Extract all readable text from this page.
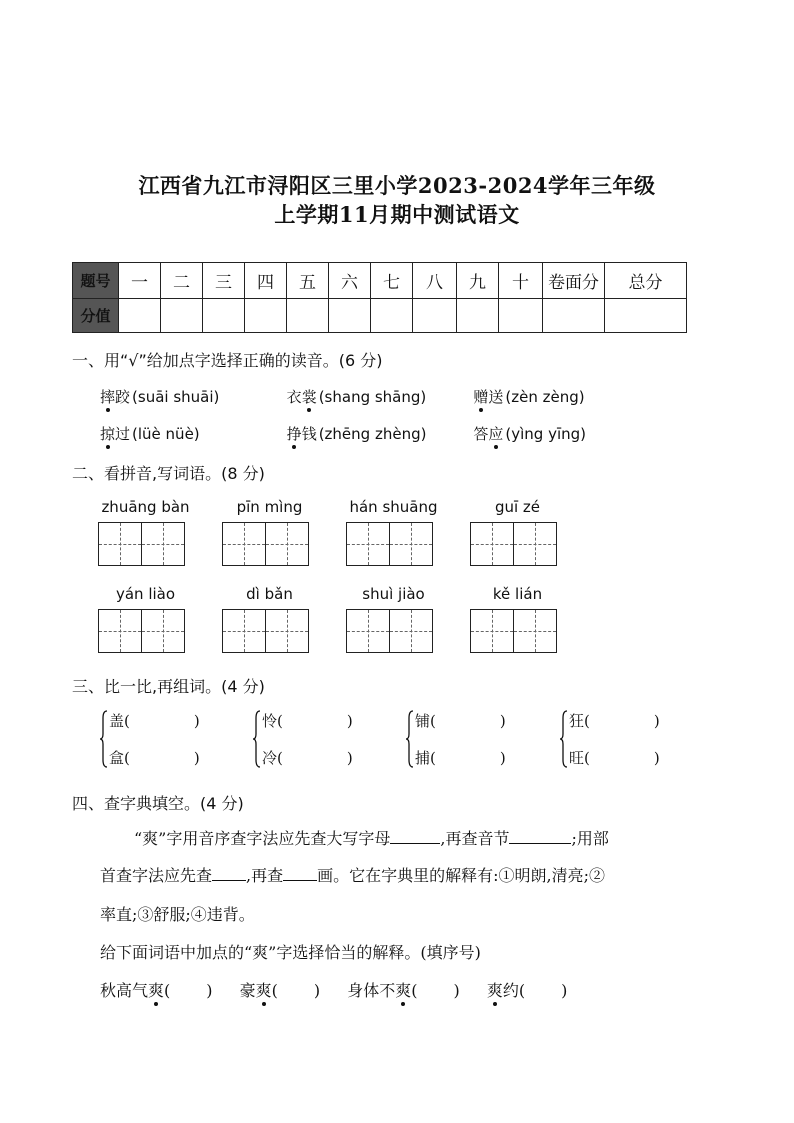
江西省九江市浔阳区三里小学2023-2024学年三年级
上学期11月期中测试语文
题号	一	二	三	四	五	六	七	八	九	十	卷面分	总分
分值												
一、用“√”给加点字选择正确的读音。(6 分)
摔跤 (suāi shuāi)	衣裳 (shang shāng)	赠送 (zèn zèng)
掠过 (lüè nüè)	挣钱 (zhēng zhèng)	答应 (yìng yīng)
二、看拼音,写词语。(8 分)
zhuāng bàn	pīn mìng	hán shuāng	guī zé
yán liào	dì bǎn	shuì jiào	kě lián
三、比一比,再组词。(4 分)
盖(	)
盒(	)
怜(	)
冷(	)
铺(	)
捕(	)
狂(	)
旺(	)
四、查字典填空。(4 分)
“爽”字用音序查字法应先查大写字母	,再查音节	;用部
首查字法应先查 ,再查 画。它在字典里的解释有:①明朗,清亮;②
率直;③舒服;④违背。
给下面词语中加点的“爽”字选择恰当的解释。(填序号)
秋高气爽( ) 豪爽( ) 身体不爽( ) 爽约( )
